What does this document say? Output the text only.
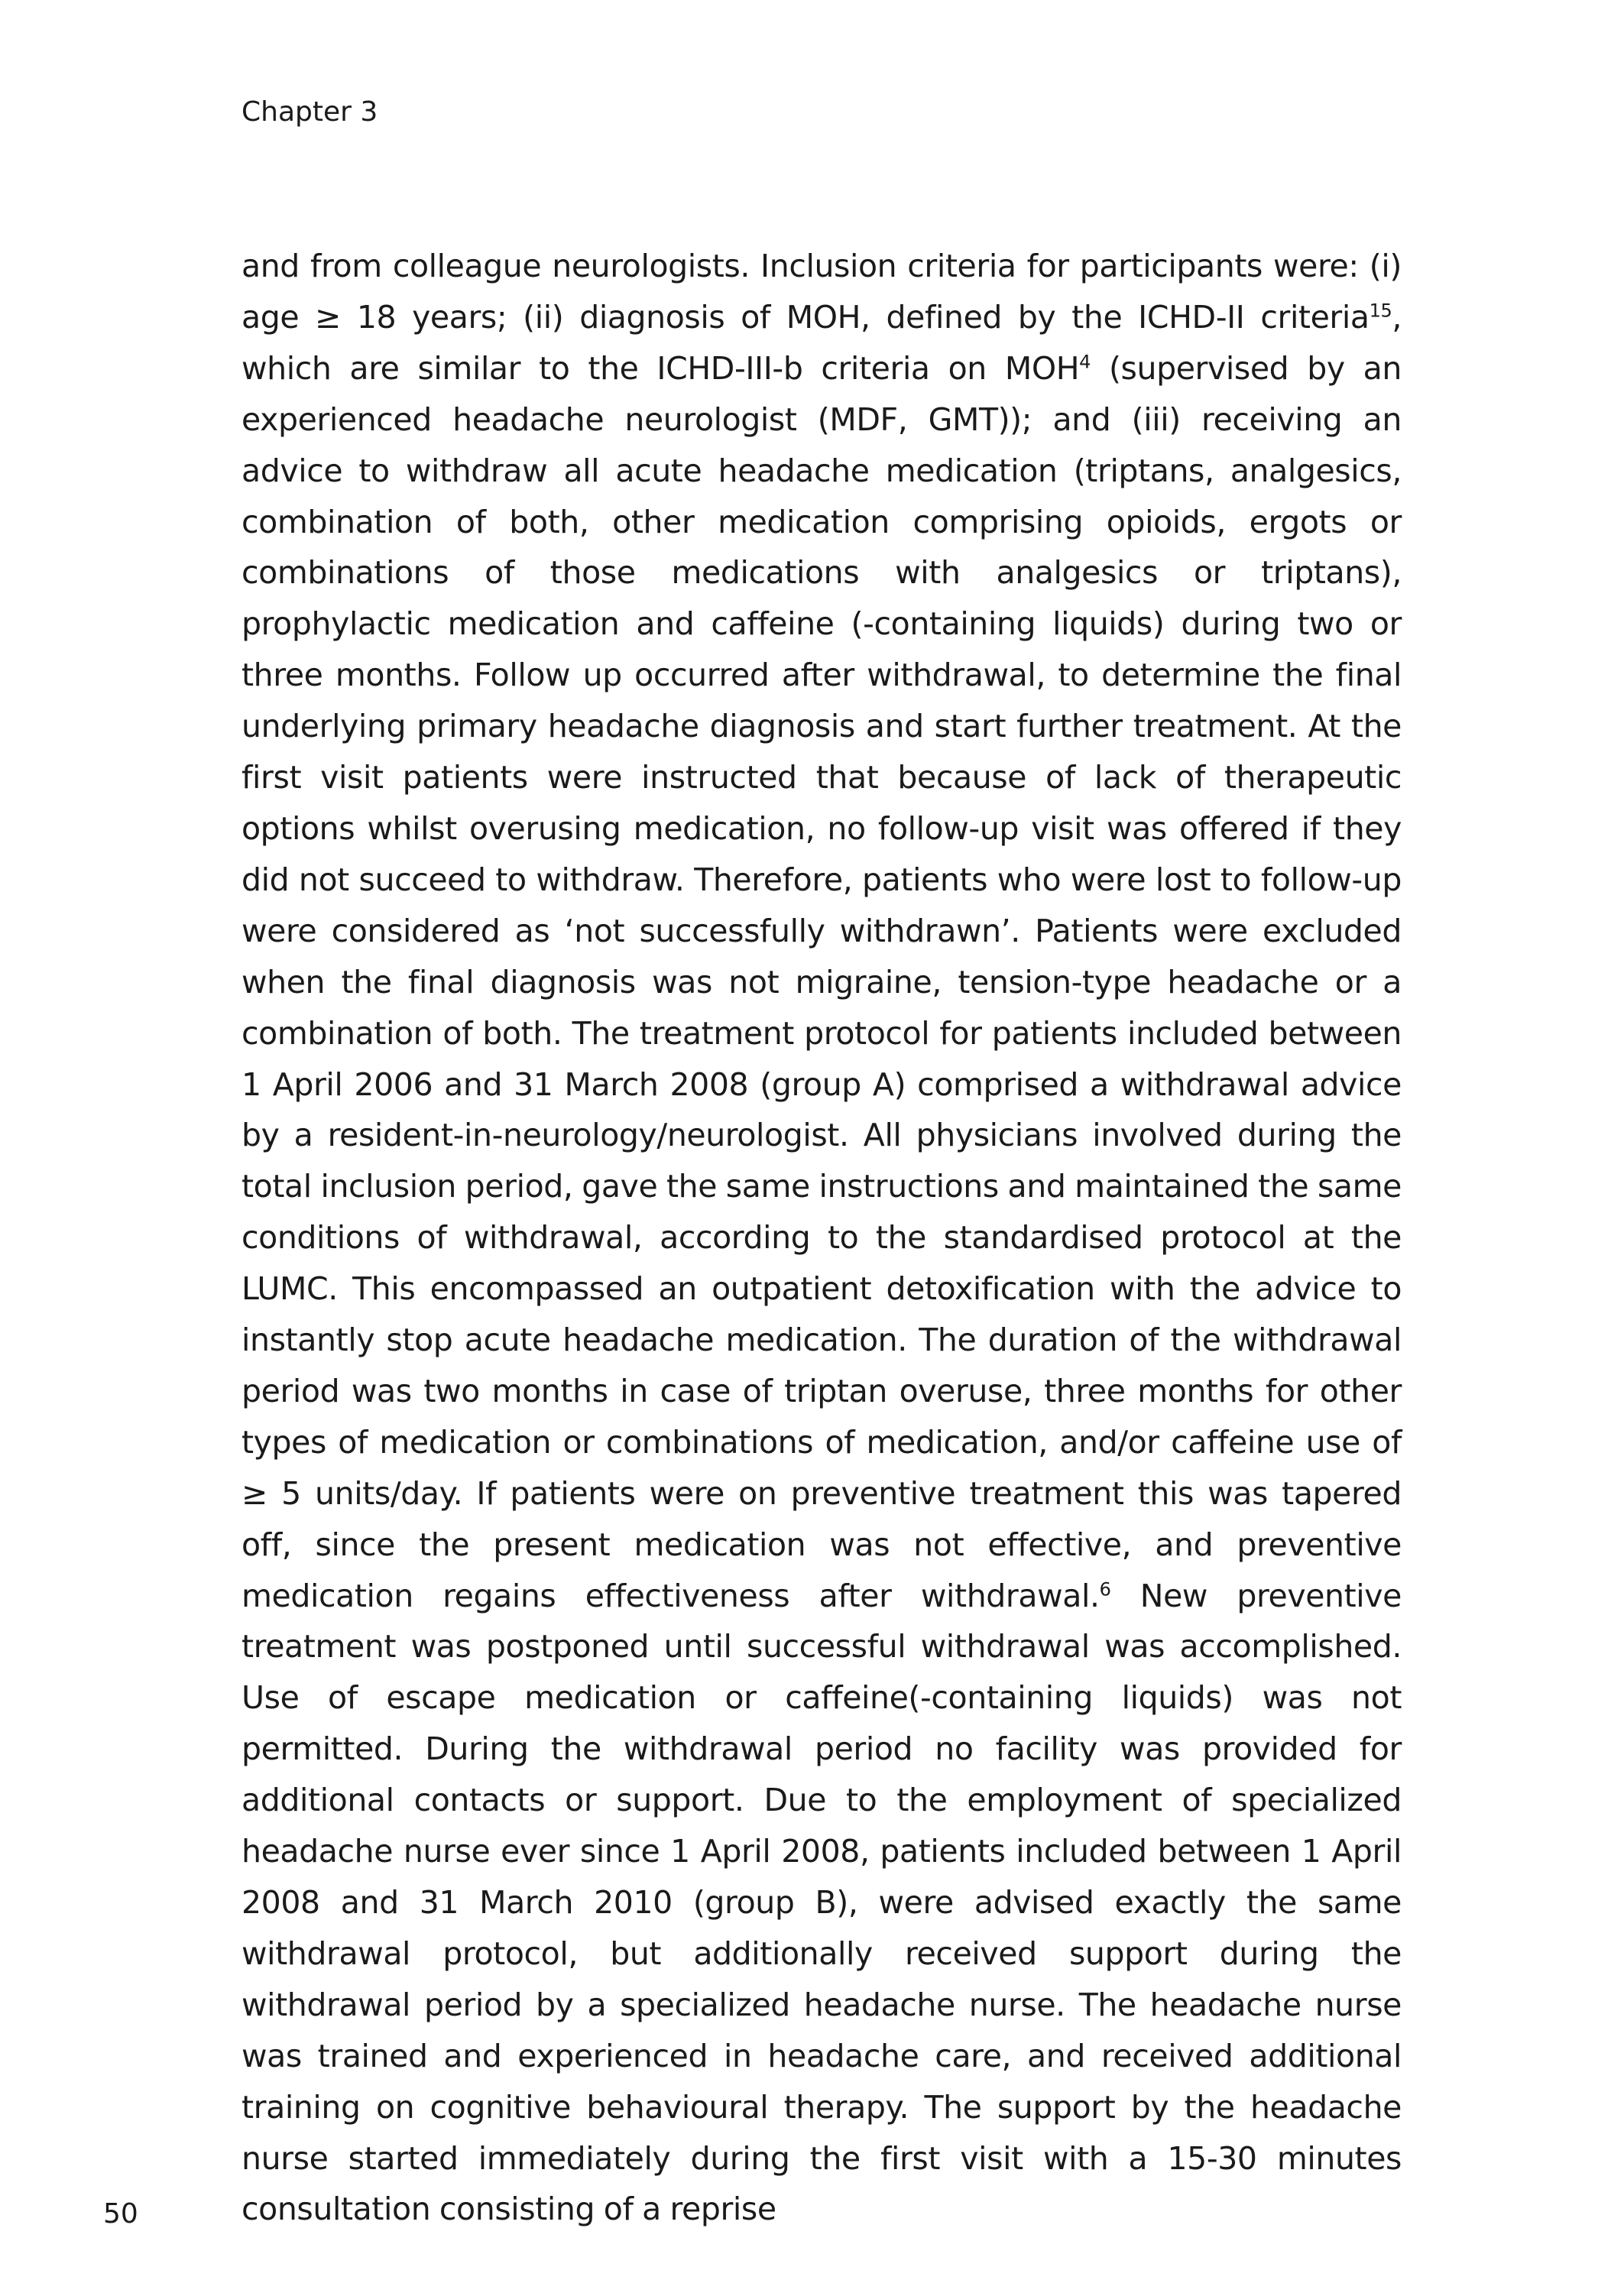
Chapter 3

and from colleague neurologists. Inclusion criteria for participants were: (i) age ≥ 18 years; (ii) diagnosis of MOH, defined by the ICHD-II criteria$^{15}$, which are similar to the ICHD-III-b criteria on MOH$^4$ (supervised by an experienced headache neurologist (MDF, GMT)); and (iii) receiving an advice to withdraw all acute headache medication (triptans, analgesics, combination of both, other medication comprising opioids, ergots or combinations of those medications with analgesics or triptans), prophylactic medication and caffeine (-containing liquids) during two or three months. Follow up occurred after withdrawal, to determine the final underlying primary headache diagnosis and start further treatment. At the first visit patients were instructed that because of lack of therapeutic options whilst overusing medication, no follow-up visit was offered if they did not succeed to withdraw. Therefore, patients who were lost to follow-up were considered as ‘not successfully withdrawn’. Patients were excluded when the final diagnosis was not migraine, tension-type headache or a combination of both. The treatment protocol for patients included between 1 April 2006 and 31 March 2008 (group A) comprised a withdrawal advice by a resident-in-neurology/neurologist. All physicians involved during the total inclusion period, gave the same instructions and maintained the same conditions of withdrawal, according to the standardised protocol at the LUMC. This encompassed an outpatient detoxification with the advice to instantly stop acute headache medication. The duration of the withdrawal period was two months in case of triptan overuse, three months for other types of medication or combinations of medication, and/or caffeine use of ≥ 5 units/day. If patients were on preventive treatment this was tapered off, since the present medication was not effective, and preventive medication regains effectiveness after withdrawal.$^6$ New preventive treatment was postponed until successful withdrawal was accomplished. Use of escape medication or caffeine(-containing liquids) was not permitted. During the withdrawal period no facility was provided for additional contacts or support. Due to the employment of specialized headache nurse ever since 1 April 2008, patients included between 1 April 2008 and 31 March 2010 (group B), were advised exactly the same withdrawal protocol, but additionally received support during the withdrawal period by a specialized headache nurse. The headache nurse was trained and experienced in headache care, and received additional training on cognitive behavioural therapy. The support by the headache nurse started immediately during the first visit with a 15-30 minutes consultation consisting of a reprise

50
